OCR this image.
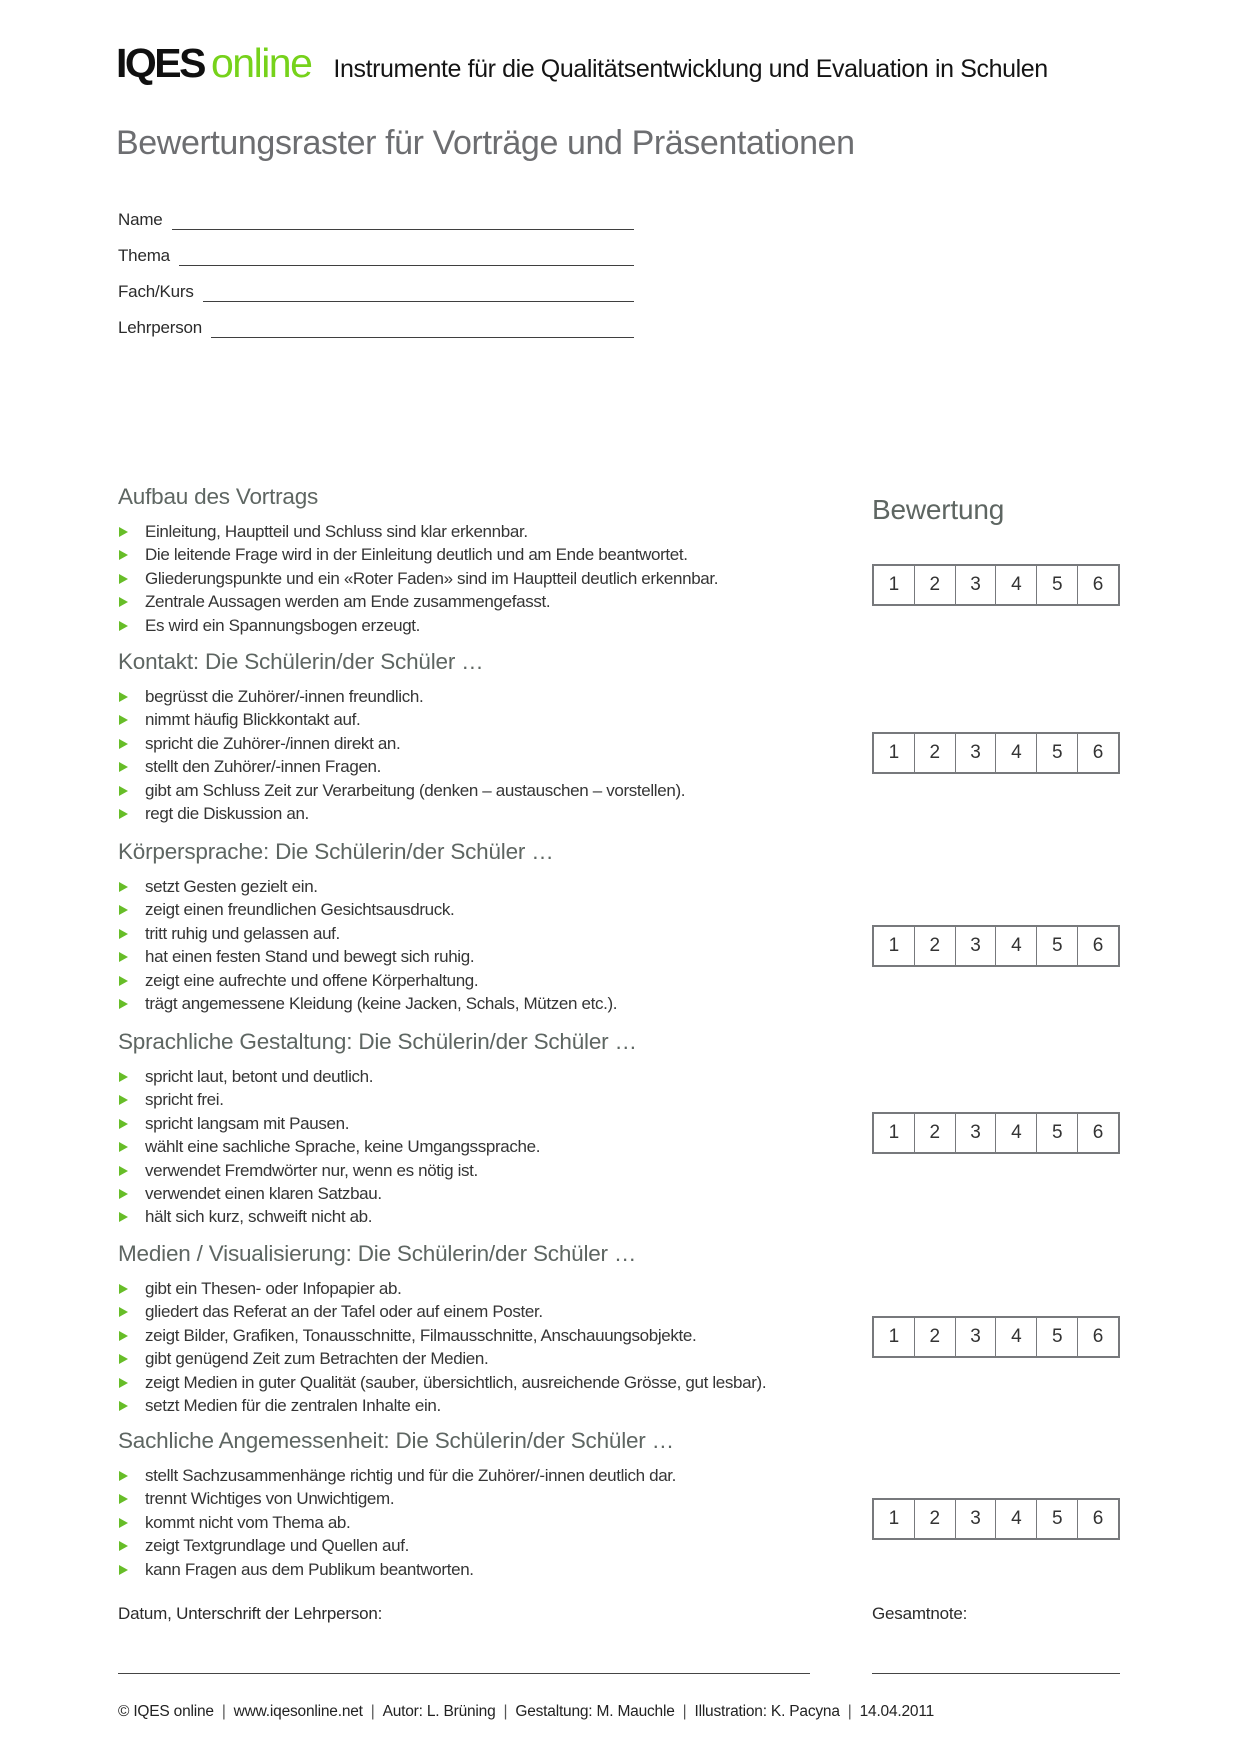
IQES online Instrumente für die Qualitätsentwicklung und Evaluation in Schulen
Bewertungsraster für Vorträge und Präsentationen
Name
Thema
Fach/Kurs
Lehrperson
Bewertung
Aufbau des Vortrags
Einleitung, Hauptteil und Schluss sind klar erkennbar.
Die leitende Frage wird in der Einleitung deutlich und am Ende beantwortet.
Gliederungspunkte und ein «Roter Faden» sind im Hauptteil deutlich erkennbar.
Zentrale Aussagen werden am Ende zusammengefasst.
Es wird ein Spannungsbogen erzeugt.
Kontakt: Die Schülerin/der Schüler …
begrüsst die Zuhörer/-innen freundlich.
nimmt häufig Blickkontakt auf.
spricht die Zuhörer-/innen direkt an.
stellt den Zuhörer/-innen Fragen.
gibt am Schluss Zeit zur Verarbeitung (denken – austauschen – vorstellen).
regt die Diskussion an.
Körpersprache: Die Schülerin/der Schüler …
setzt Gesten gezielt ein.
zeigt einen freundlichen Gesichtsausdruck.
tritt ruhig und gelassen auf.
hat einen festen Stand und bewegt sich ruhig.
zeigt eine aufrechte und offene Körperhaltung.
trägt angemessene Kleidung (keine Jacken, Schals, Mützen etc.).
Sprachliche Gestaltung: Die Schülerin/der Schüler …
spricht laut, betont und deutlich.
spricht frei.
spricht langsam mit Pausen.
wählt eine sachliche Sprache, keine Umgangssprache.
verwendet Fremdwörter nur, wenn es nötig ist.
verwendet einen klaren Satzbau.
hält sich kurz, schweift nicht ab.
Medien / Visualisierung: Die Schülerin/der Schüler …
gibt ein Thesen- oder Infopapier ab.
gliedert das Referat an der Tafel oder auf einem Poster.
zeigt Bilder, Grafiken, Tonausschnitte, Filmausschnitte, Anschauungsobjekte.
gibt genügend Zeit zum Betrachten der Medien.
zeigt Medien in guter Qualität (sauber, übersichtlich, ausreichende Grösse, gut lesbar).
setzt Medien für die zentralen Inhalte ein.
Sachliche Angemessenheit: Die Schülerin/der Schüler …
stellt Sachzusammenhänge richtig und für die Zuhörer/-innen deutlich dar.
trennt Wichtiges von Unwichtigem.
kommt nicht vom Thema ab.
zeigt Textgrundlage und Quellen auf.
kann Fragen aus dem Publikum beantworten.
1	2	3	4	5	6
1	2	3	4	5	6
1	2	3	4	5	6
1	2	3	4	5	6
1	2	3	4	5	6
1	2	3	4	5	6
Datum, Unterschrift der Lehrperson:	Gesamtnote:
© IQES online | www.iqesonline.net | Autor: L. Brüning | Gestaltung: M. Mauchle | Illustration: K. Pacyna | 14.04.2011
